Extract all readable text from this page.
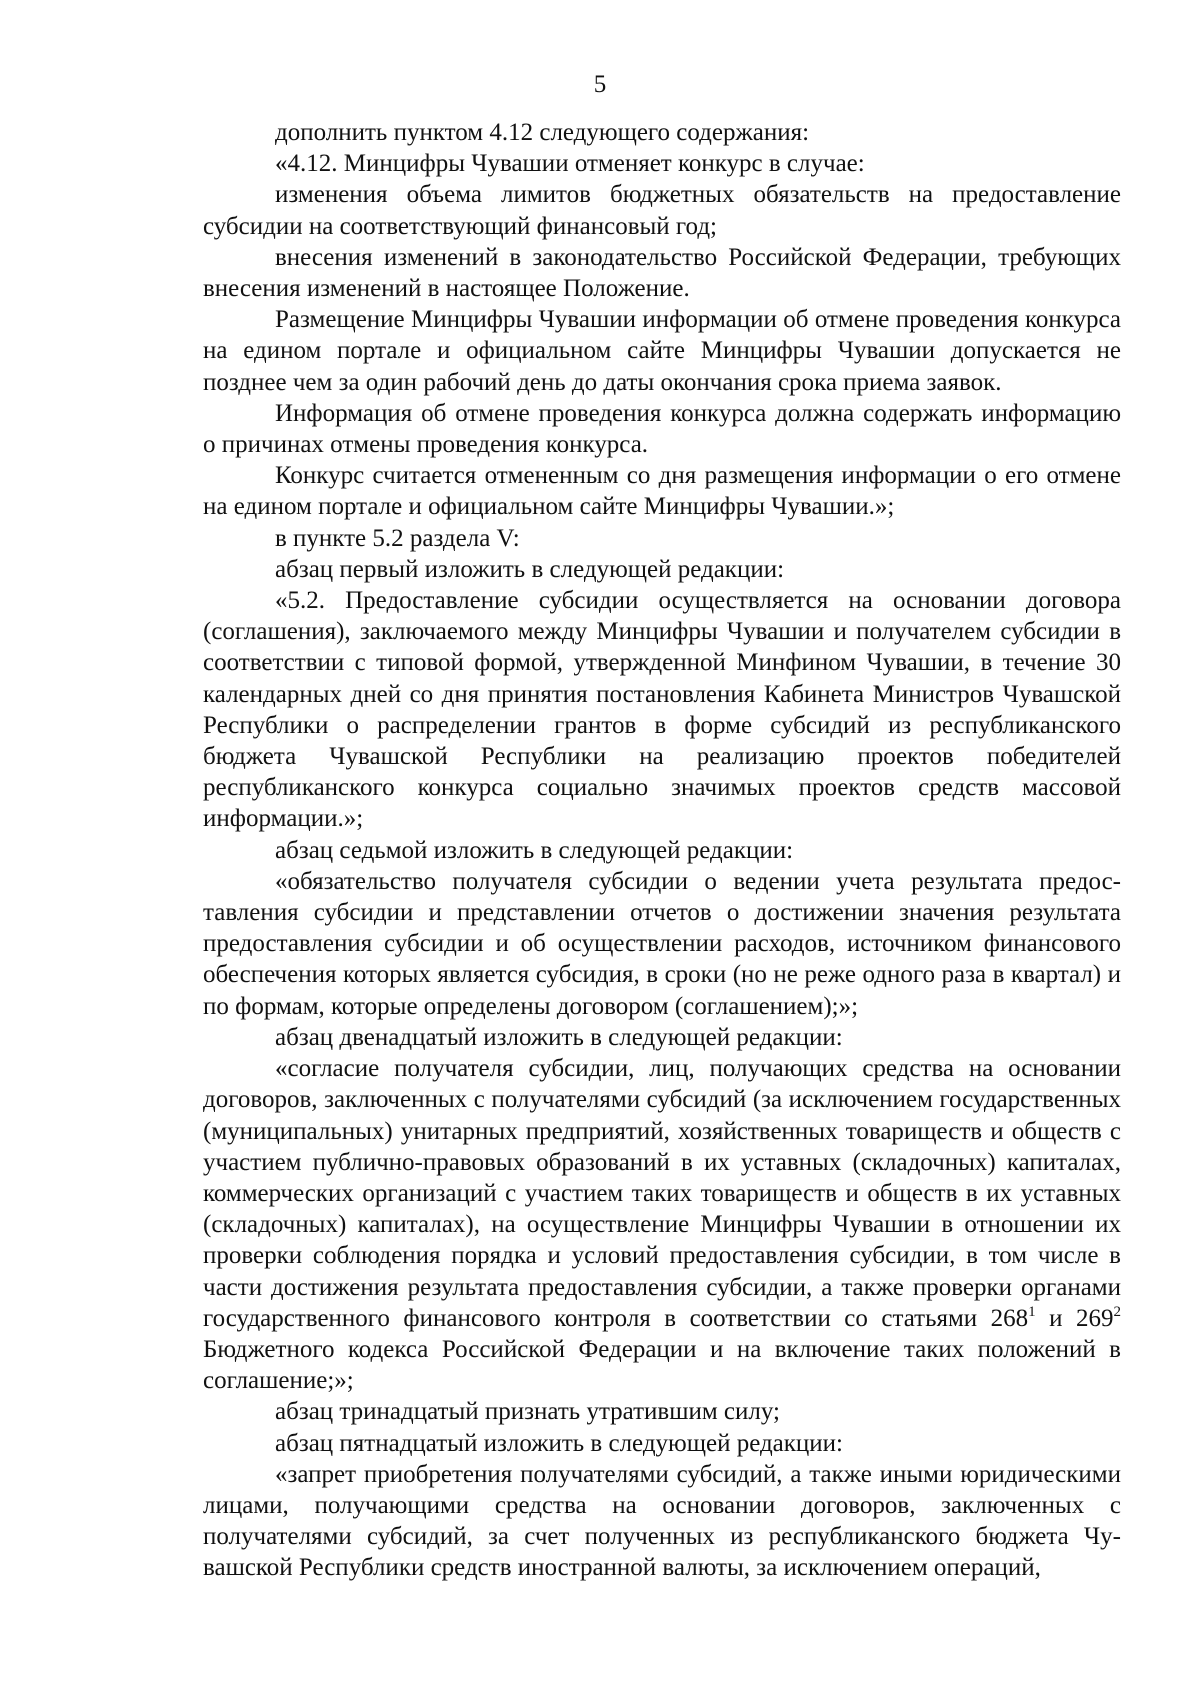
5

дополнить пунктом 4.12 следующего содержания:

«4.12. Минцифры Чувашии отменяет конкурс в случае:

изменения объема лимитов бюджетных обязательств на предоставление субсидии на соответствующий финансовый год;

внесения изменений в законодательство Российской Федерации, требующих внесения изменений в настоящее Положение.

Размещение Минцифры Чувашии информации об отмене проведения конкурса на едином портале и официальном сайте Минцифры Чувашии допускается не позднее чем за один рабочий день до даты окончания срока приема заявок.

Информация об отмене проведения конкурса должна содержать информацию о причинах отмены проведения конкурса.

Конкурс считается отмененным со дня размещения информации о его отмене на едином портале и официальном сайте Минцифры Чувашии.»;

в пункте 5.2 раздела V:

абзац первый изложить в следующей редакции:

«5.2. Предоставление субсидии осуществляется на основании договора (соглашения), заключаемого между Минцифры Чувашии и получателем субсидии в соответствии с типовой формой, утвержденной Минфином Чувашии, в течение 30 календарных дней со дня принятия постановления Кабинета Министров Чувашской Республики о распределении грантов в форме субсидий из республиканского бюджета Чувашской Республики на реализацию проектов победителей республиканского конкурса социально значимых проектов средств массовой информации.»;

абзац седьмой изложить в следующей редакции:

«обязательство получателя субсидии о ведении учета результата предоставления субсидии и представлении отчетов о достижении значения результата предоставления субсидии и об осуществлении расходов, источником финансового обеспечения которых является субсидия, в сроки (но не реже одного раза в квартал) и по формам, которые определены договором (соглашением);»;

абзац двенадцатый изложить в следующей редакции:

«согласие получателя субсидии, лиц, получающих средства на основании договоров, заключенных с получателями субсидий (за исключением государственных (муниципальных) унитарных предприятий, хозяйственных товариществ и обществ с участием публично-правовых образований в их уставных (складочных) капиталах, коммерческих организаций с участием таких товариществ и обществ в их уставных (складочных) капиталах), на осуществление Минцифры Чувашии в отношении их проверки соблюдения порядка и условий предоставления субсидии, в том числе в части достижения результата предоставления субсидии, а также проверки органами государственного финансового контроля в соответствии со статьями $268^1$ и $269^2$ Бюджетного кодекса Российской Федерации и на включение таких положений в соглашение;»;

абзац тринадцатый признать утратившим силу;

абзац пятнадцатый изложить в следующей редакции:

«запрет приобретения получателями субсидий, а также иными юридическими лицами, получающими средства на основании договоров, заключенных с получателями субсидий, за счет полученных из республиканского бюджета Чувашской Республики средств иностранной валюты, за исключением операций,
